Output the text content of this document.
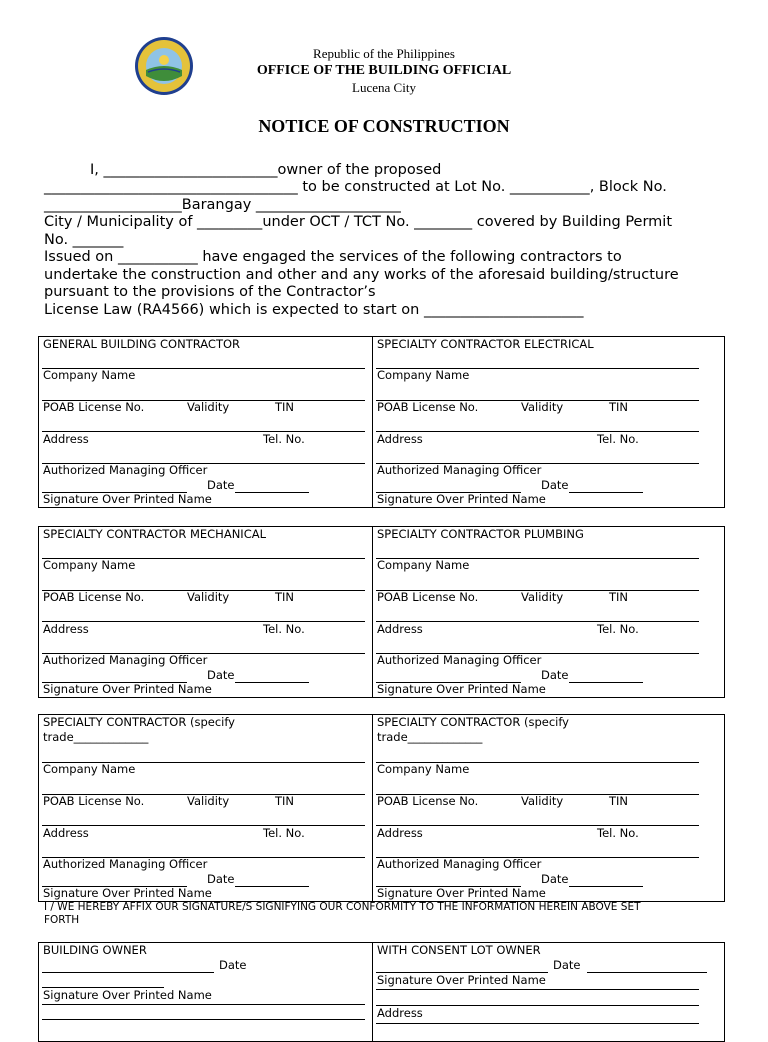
Republic of the Philippines
OFFICE OF THE BUILDING OFFICIAL
Lucena City
NOTICE OF CONSTRUCTION
I, ________________________owner of the proposed
___________________________________ to be constructed at Lot No. ___________, Block No.
___________________Barangay ____________________
City / Municipality of _________under OCT / TCT No. ________ covered by Building Permit
No. _______
Issued on ___________ have engaged the services of the following contractors to
undertake the construction and other and any works of the aforesaid building/structure
pursuant to the provisions of the Contractor’s
License Law (RA4566) which is expected to start on ______________________
GENERAL BUILDING CONTRACTOR
Company Name
POAB License No.	Validity	TIN
Address	Tel. No.
Authorized Managing Officer
Date
Signature Over Printed Name
SPECIALTY CONTRACTOR ELECTRICAL
Company Name
POAB License No.	Validity	TIN
Address	Tel. No.
Authorized Managing Officer
Date
Signature Over Printed Name
SPECIALTY CONTRACTOR MECHANICAL
Company Name
POAB License No.	Validity	TIN
Address	Tel. No.
Authorized Managing Officer
Date
Signature Over Printed Name
SPECIALTY CONTRACTOR PLUMBING
Company Name
POAB License No.	Validity	TIN
Address	Tel. No.
Authorized Managing Officer
Date
Signature Over Printed Name
SPECIALTY CONTRACTOR (specify
trade_____________
Company Name
POAB License No.	Validity	TIN
Address	Tel. No.
Authorized Managing Officer
Date
Signature Over Printed Name
SPECIALTY CONTRACTOR (specify
trade_____________
Company Name
POAB License No.	Validity	TIN
Address	Tel. No.
Authorized Managing Officer
Date
Signature Over Printed Name
I / WE HEREBY AFFIX OUR SIGNATURE/S SIGNIFYING OUR CONFORMITY TO THE INFORMATION HEREIN ABOVE SET
FORTH
BUILDING OWNER
Date
Signature Over Printed Name
WITH CONSENT LOT OWNER
Date
Signature Over Printed Name
Address
